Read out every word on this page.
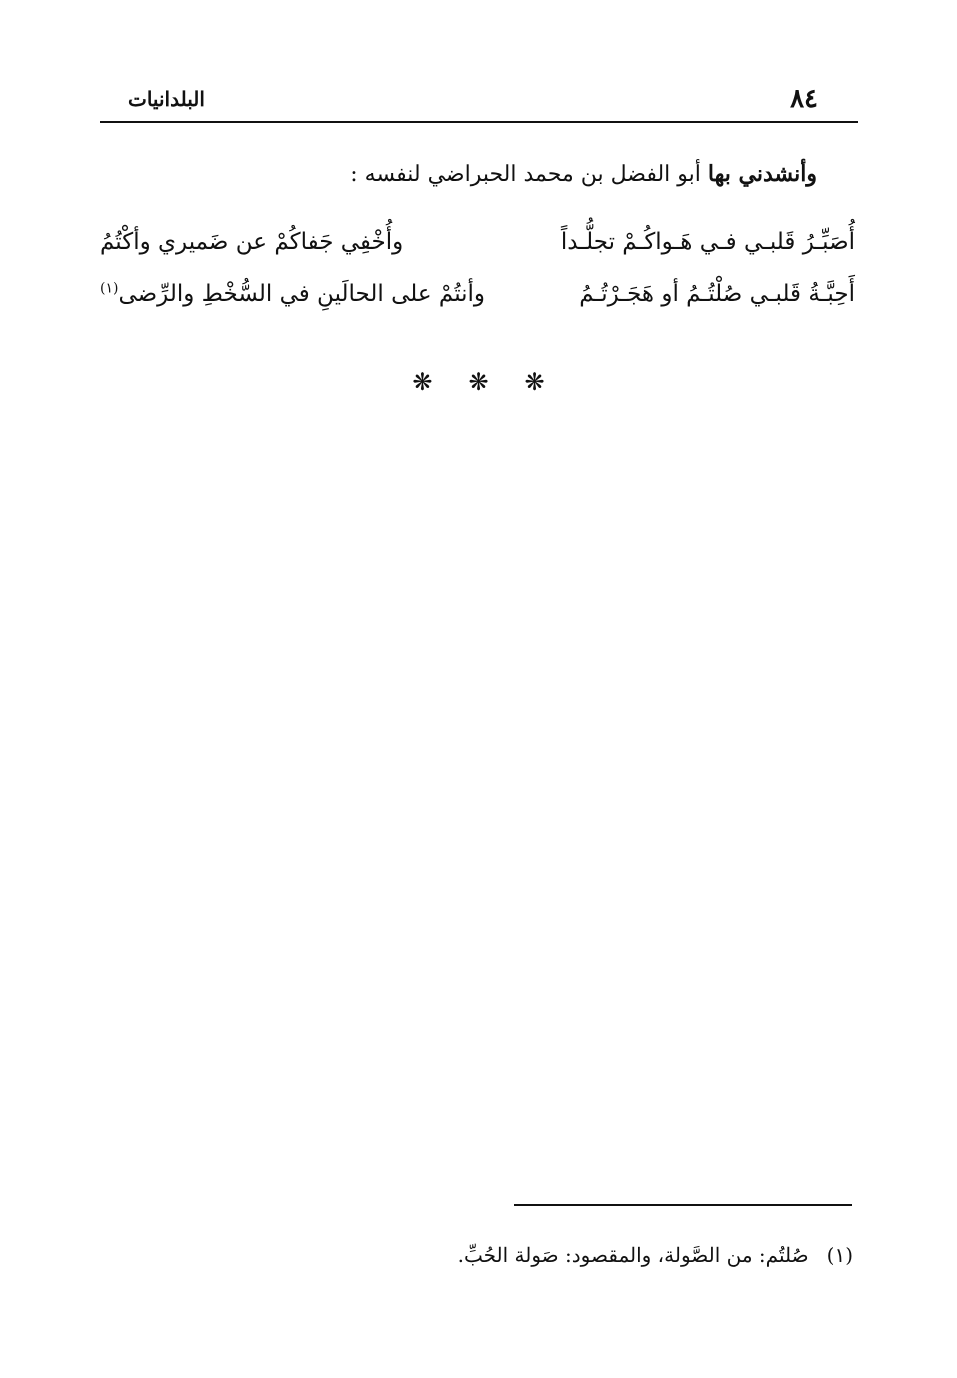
٨٤
البلدانيات
وأنشدني بها أبو الفضل بن محمد الحبراضي لنفسه :
أُصَبِّـرُ قَلبـي فـي هَـواكُـمْ تجلُّـداً
وأُخْفِي جَفاكُمْ عن ضَميري وأكْتُمُ
أَحِبَّـةُ قَلبـي صُلْتُـمُ أو هَجَـرْتُـمُ
وأنتُمْ على الحالَينِ في السُّخْطِ والرِّضى$^{(١)}$
❋ ❋ ❋
(١)صُلتُم: من الصَّولة، والمقصود: صَولة الحُبِّ.
